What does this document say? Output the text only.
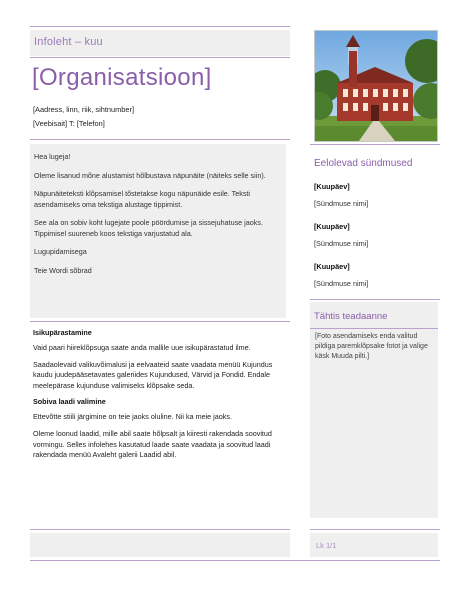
Infoleht – kuu
[Organisatsioon]
[Aadress, linn, riik, sihtnumber]
[Veebisait] T: [Telefon]

Hea lugeja!

Oleme lisanud mõne alustamist hõlbustava näpunäite (näiteks selle siin).

Näpunäiteteksti klõpsamisel tõstetakse kogu näpunäide esile. Teksti asendamiseks oma tekstiga alustage tippimist.

See ala on sobiv koht lugejate poole pöördumise ja sissejuhatuse jaoks. Tippimisel suureneb koos tekstiga varjustatud ala.

Lugupidamisega

Teie Wordi sõbrad

Isikupärastamine

Vaid paari hiireklõpsuga saate anda mallile uue isikupärastatud ilme.

Saadaolevaid valikuvõimalusi ja eelvaateid saate vaadata menüü Kujundus kaudu juudepääsetavates galeriides Kujundused, Värvid ja Fondid. Endale meelepärase kujunduse valimiseks klõpsake seda.

Sobiva laadi valimine

Ettevõtte stiili järgimine on teie jaoks oluline. Nii ka meie jaoks.

Oleme loonud laadid, mille abil saate hõlpsalt ja kiiresti rakendada soovitud vormingu. Selles infolehes kasutatud laade saate vaadata ja soovitud laadi rakendada menüü Avaleht galerii Laadid abil.

Eelolevad sündmused
[Kuupäev]
[Sündmuse nimi]
[Kuupäev]
[Sündmuse nimi]
[Kuupäev]
[Sündmuse nimi]
Tähtis teadaanne
[Foto asendamiseks enda valitud pildiga paremklõpsake fotot ja valige käsk Muuda pilti.]
Lk 1/1
